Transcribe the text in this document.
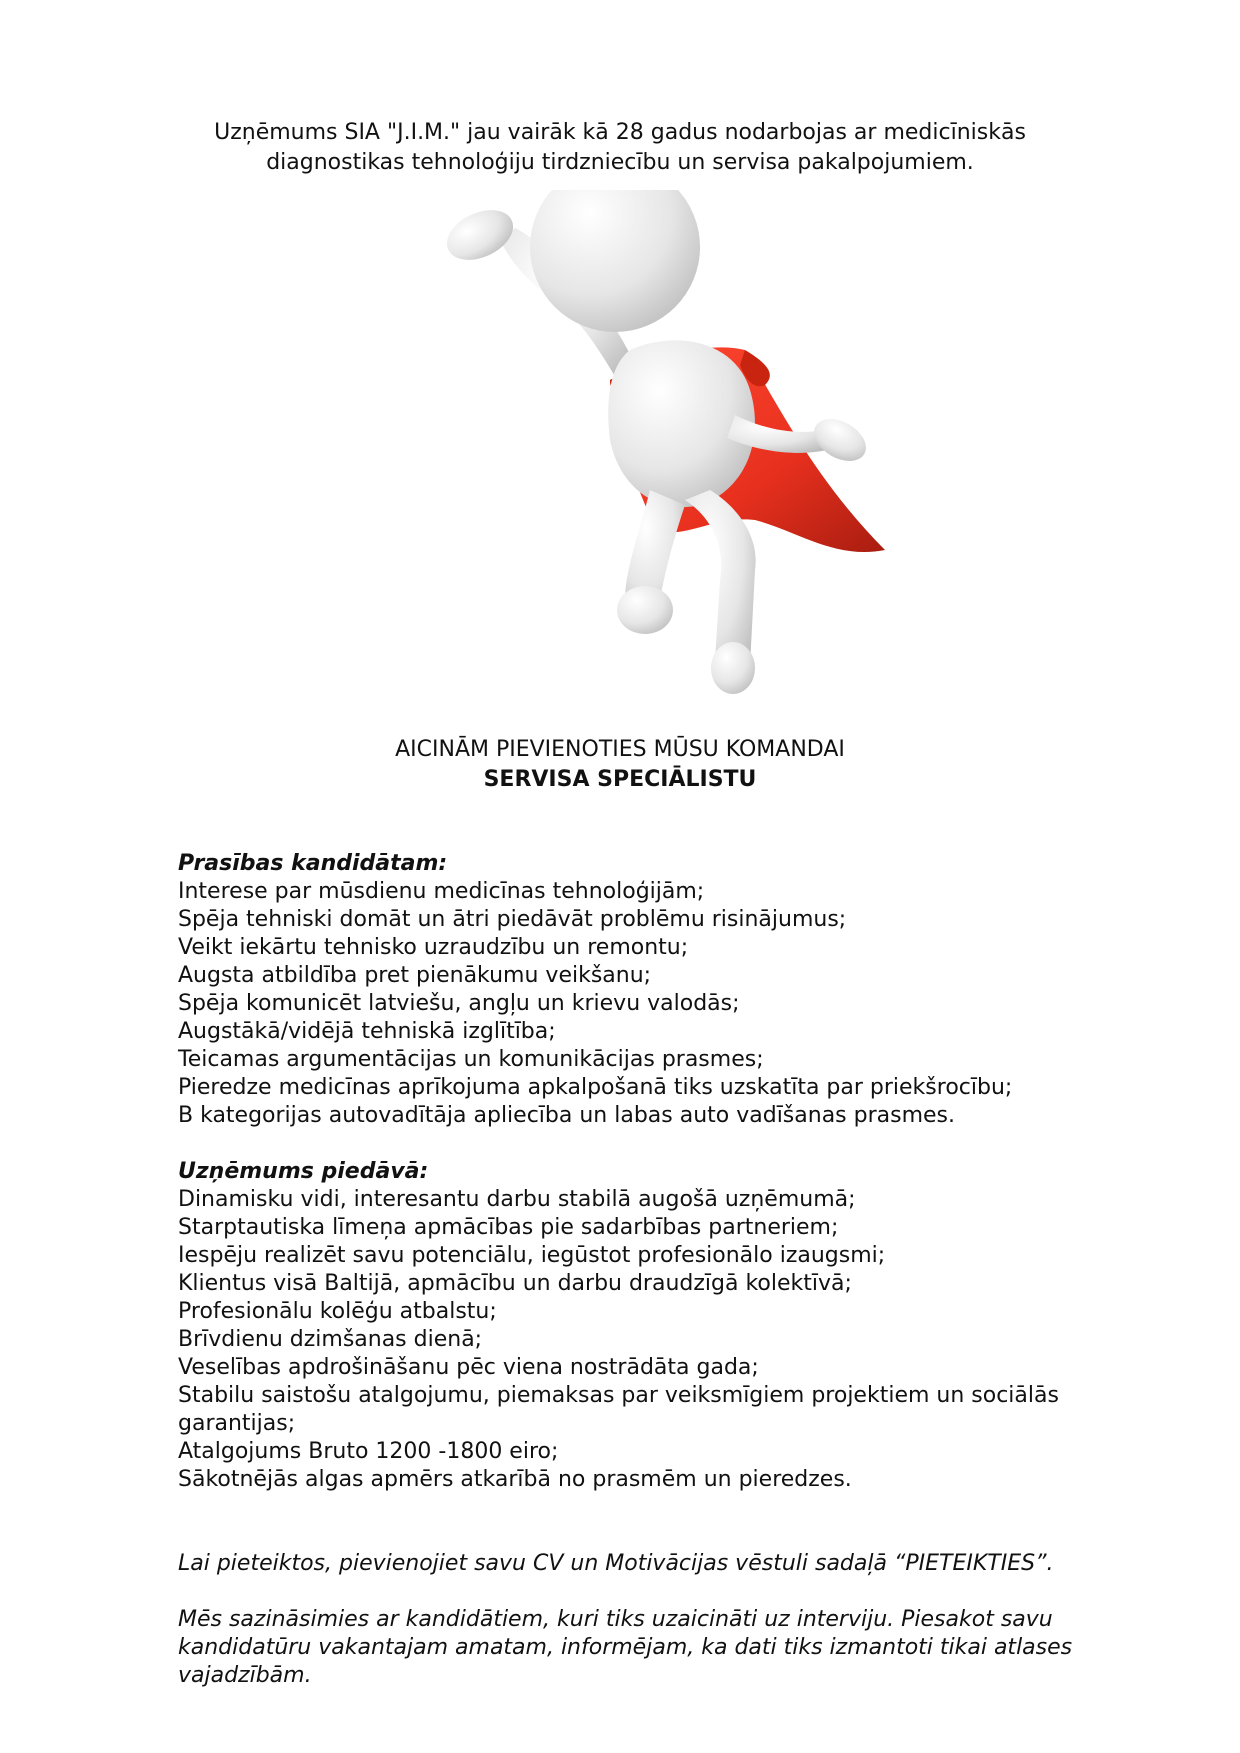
Uzņēmums SIA "J.I.M." jau vairāk kā 28 gadus nodarbojas ar medicīniskās

diagnostikas tehnoloģiju tirdzniecību un servisa pakalpojumiem.

AICINĀM PIEVIENOTIES MŪSU KOMANDAI

SERVISA SPECIĀLISTU

Prasības kandidātam:

Interese par mūsdienu medicīnas tehnoloģijām;
Spēja tehniski domāt un ātri piedāvāt problēmu risinājumus;
Veikt iekārtu tehnisko uzraudzību un remontu;
Augsta atbildība pret pienākumu veikšanu;
Spēja komunicēt latviešu, angļu un krievu valodās;
Augstākā/vidējā tehniskā izglītība;
Teicamas argumentācijas un komunikācijas prasmes;
Pieredze medicīnas aprīkojuma apkalpošanā tiks uzskatīta par priekšrocību;
B kategorijas autovadītāja apliecība un labas auto vadīšanas prasmes.

Uzņēmums piedāvā:

Dinamisku vidi, interesantu darbu stabilā augošā uzņēmumā;
Starptautiska līmeņa apmācības pie sadarbības partneriem;
Iespēju realizēt savu potenciālu, iegūstot profesionālo izaugsmi;
Klientus visā Baltijā, apmācību un darbu draudzīgā kolektīvā;
Profesionālu kolēģu atbalstu;
Brīvdienu dzimšanas dienā;
Veselības apdrošināšanu pēc viena nostrādāta gada;
Stabilu saistošu atalgojumu, piemaksas par veiksmīgiem projektiem un sociālās garantijas;
Atalgojums Bruto 1200 -1800 eiro;
Sākotnējās algas apmērs atkarībā no prasmēm un pieredzes.

Lai pieteiktos, pievienojiet savu CV un Motivācijas vēstuli sadaļā “PIETEIKTIES”.

Mēs sazināsimies ar kandidātiem, kuri tiks uzaicināti uz interviju. Piesakot savu kandidatūru vakantajam amatam, informējam, ka dati tiks izmantoti tikai atlases vajadzībām.
